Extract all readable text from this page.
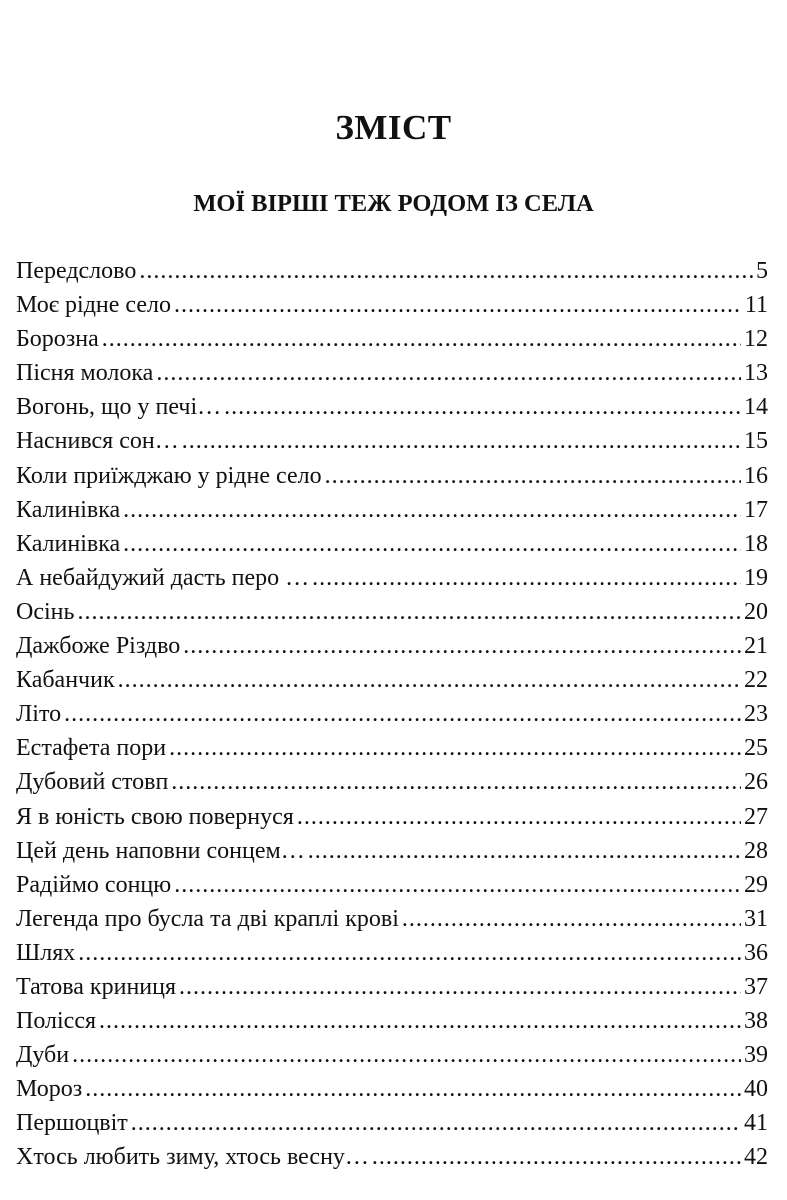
ЗМІСТ
МОЇ ВІРШІ ТЕЖ РОДОМ ІЗ СЕЛА
Передслово .....	5
Моє рідне село .....	11
Борозна .....	12
Пісня молока .....	13
Вогонь, що у печі… .....	14
Наснився сон… .....	15
Коли приїжджаю у рідне село .....	16
Калинівка .....	17
Калинівка .....	18
А небайдужий дасть перо … .....	19
Осінь .....	20
Дажбоже Різдво .....	21
Кабанчик .....	22
Літо .....	23
Естафета пори .....	25
Дубовий стовп .....	26
Я в юність свою повернуся .....	27
Цей день наповни сонцем… .....	28
Радіймо сонцю .....	29
Легенда про бусла та дві краплі крові .....	31
Шлях .....	36
Татова криниця .....	37
Полісся .....	38
Дуби .....	39
Мороз .....	40
Першоцвіт .....	41
Хтось любить зиму, хтось весну… .....	42
